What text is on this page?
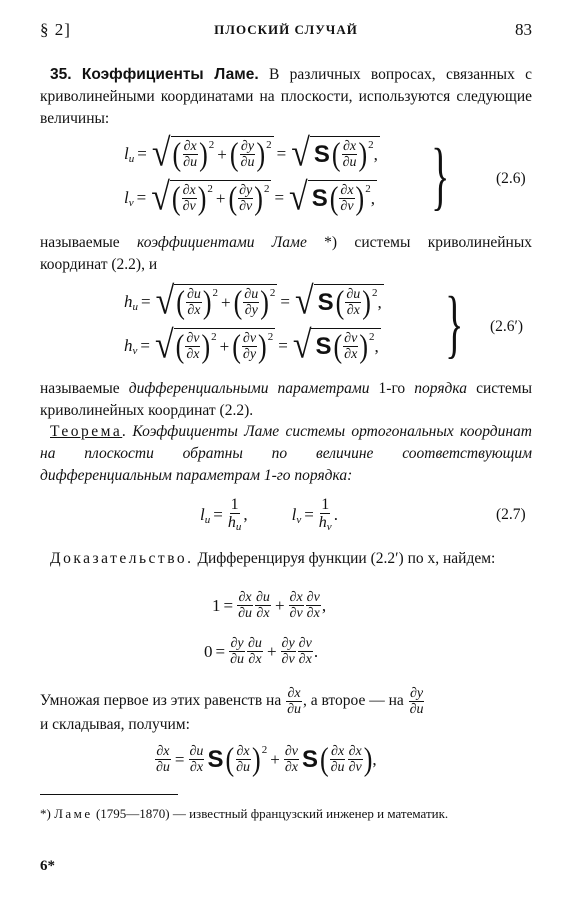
§ 2]	ПЛОСКИЙ СЛУЧАЙ	83
35. Коэффициенты Ламе. В различных вопросах, связанных с криволинейными координатами на плоскости, используются следующие величины:
l u = √ ( $\frac{\partial x}{\partial u}$ ) 2 + ( $\frac{\partial y}{\partial u}$ ) 2 = √ S ( $\frac{\partial x}{\partial u}$ ) 2 ,
l v = √ ( $\frac{\partial x}{\partial v}$ ) 2 + ( $\frac{\partial y}{\partial v}$ ) 2 = √ S ( $\frac{\partial x}{\partial v}$ ) 2 , }	(2.6)
называемые коэффициентами Ламе *) системы криволинейных координат (2.2), и
h u = √ ( $\frac{\partial u}{\partial x}$ ) 2 + ( $\frac{\partial u}{\partial y}$ ) 2 = √ S ( $\frac{\partial u}{\partial x}$ ) 2 ,
h v = √ ( $\frac{\partial v}{\partial x}$ ) 2 + ( $\frac{\partial v}{\partial y}$ ) 2 = √ S ( $\frac{\partial v}{\partial x}$ ) 2 , } (2.6′)
называемые дифференциальными параметрами 1-го порядка системы криволинейных координат (2.2).
Теорема. Коэффициенты Ламе системы ортогональных координат на плоскости обратны по величине соответствующим дифференциальным параметрам 1-го порядка:
l $u = \frac{1}{hu}$ ,	l $v = \frac{1}{hv}$ .	(2.7)
Доказательство. Дифференцируя функции (2.2′) по x, найдем:
$1 = \frac{\partial x}{\partial u} \frac{\partial u}{\partial x} + \frac{\partial x}{\partial v} \frac{\partial v}{\partial x}$ ,
$0 = \frac{\partial y}{\partial u} \frac{\partial u}{\partial x} + \frac{\partial y}{\partial v} \frac{\partial v}{\partial x}$ .
Умножая первое из этих равенств на $\frac{\partial x}{\partial u}$ , а второе — на $\frac{\partial y}{\partial u}$
и складывая, получим:
$\frac{\partial x}{\partial u} = \frac{\partial u}{\partial x}$ S ( $\frac{\partial x}{\partial u}$ ) $2 + \frac{\partial v}{\partial x}$ S ( $\frac{\partial x}{\partial u} \frac{\partial x}{\partial v}$ ) ,
*) Ламе (1795—1870) — известный французский инженер и математик.
6*
